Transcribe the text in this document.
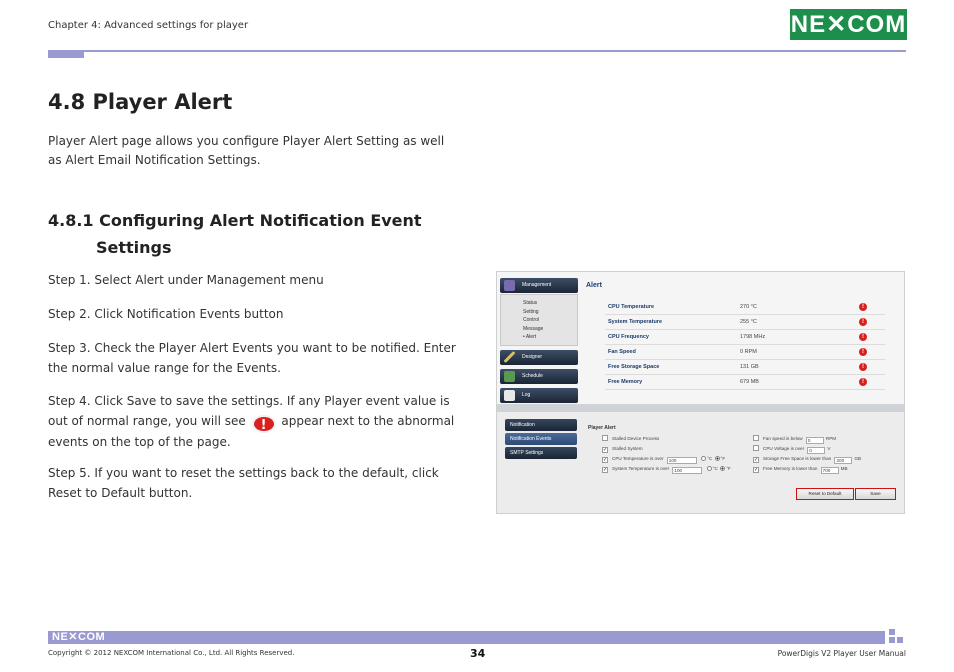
Chapter 4: Advanced settings for player	NE✕COM
4.8 Player Alert

Player Alert page allows you configure Player Alert Setting as well as Alert Email Notification Settings.

4.8.1 Configuring Alert Notification Event
Settings

Step 1. Select Alert under Management menu

Step 2. Click Notification Events button

Step 3. Check the Player Alert Events you want to be notified. Enter the normal value range for the Events.

Step 4. Click Save to save the settings. If any Player event value is out of normal range, you will see ! appear next to the abnormal events on the top of the page.

Step 5. If you want to reset the settings back to the default, click Reset to Default button.

Management
Status
Setting
Control
Message
• Alert
Designer
Schedule
Log
Alert
CPU Temperature	270 °C	!
System Temperature	255 °C	!
CPU Frequency	1798 MHz	!
Fan Speed	0 RPM	!
Free Storage Space	131 GB	!
Free Memory	679 MB	!
Notification
Notification Events
SMTP Settings
Player Alert
Stalled Device Process
✓ Stalled System
✓ CPU Temperature is over 100	°C °F
✓ System Temperature is over 100	°C °F
Fan speed is below 0	RPM
CPU Voltage is over 0	V
✓ Storage Free Space is lower than 200 GB
✓ Free Memory is lower than 700 MB
Reset to Default	Save
NE✕COM
Copyright © 2012 NEXCOM International Co., Ltd. All Rights Reserved.	34	PowerDigis V2 Player User Manual
